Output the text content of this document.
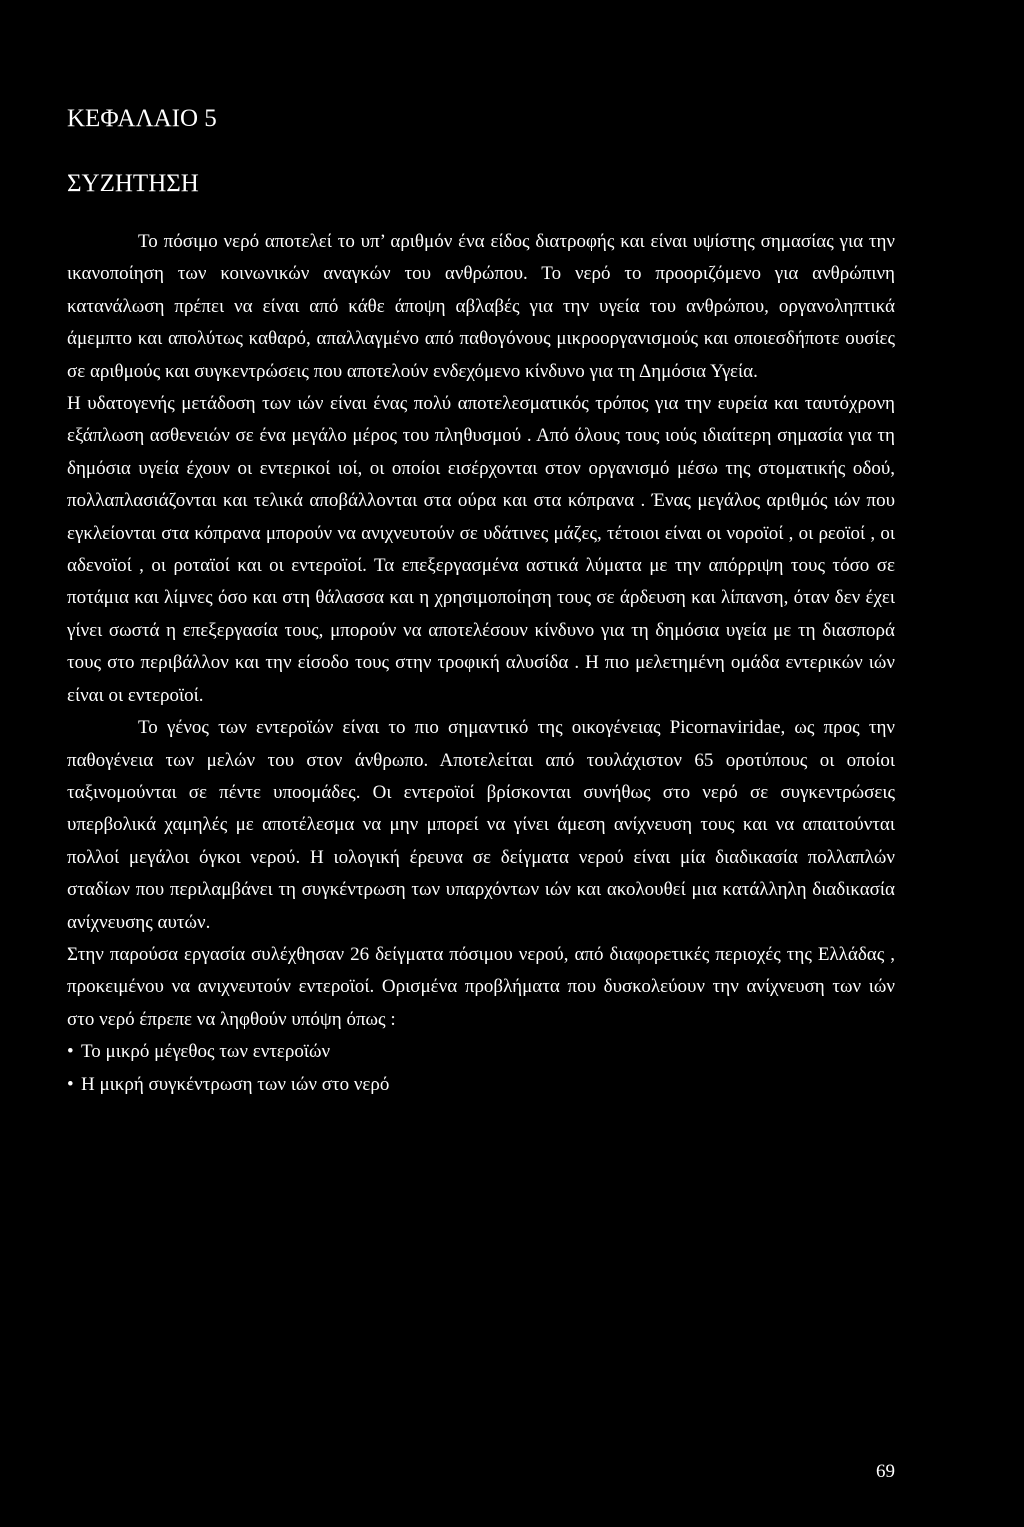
ΚΕΦΑΛΑΙΟ 5
ΣΥΖΗΤΗΣΗ

Το πόσιμο νερό αποτελεί το υπ’ αριθμόν ένα είδος διατροφής και είναι υψίστης σημασίας για την ικανοποίηση των κοινωνικών αναγκών του ανθρώπου. Το νερό το προοριζόμενο για ανθρώπινη κατανάλωση πρέπει να είναι από κάθε άποψη αβλαβές για την υγεία του ανθρώπου, οργανοληπτικά άμεμπτο και απολύτως καθαρό, απαλλαγμένο από παθογόνους μικροοργανισμούς και οποιεσδήποτε ουσίες σε αριθμούς και συγκεντρώσεις που αποτελούν ενδεχόμενο κίνδυνο για τη Δημόσια Υγεία.

Η υδατογενής μετάδοση των ιών είναι ένας πολύ αποτελεσματικός τρόπος για την ευρεία και ταυτόχρονη εξάπλωση ασθενειών σε ένα μεγάλο μέρος του πληθυσμού . Από όλους τους ιούς ιδιαίτερη σημασία για τη δημόσια υγεία έχουν οι εντερικοί ιοί, οι οποίοι εισέρχονται στον οργανισμό μέσω της στοματικής οδού, πολλαπλασιάζονται και τελικά αποβάλλονται στα ούρα και στα κόπρανα . Ένας μεγάλος αριθμός ιών που εγκλείονται στα κόπρανα μπορούν να ανιχνευτούν σε υδάτινες μάζες, τέτοιοι είναι οι νοροϊοί , οι ρεοϊοί , οι αδενοϊοί , οι ροταϊοί και οι εντεροϊοί. Τα επεξεργασμένα αστικά λύματα με την απόρριψη τους τόσο σε ποτάμια και λίμνες όσο και στη θάλασσα και η χρησιμοποίηση τους σε άρδευση και λίπανση, όταν δεν έχει γίνει σωστά η επεξεργασία τους, μπορούν να αποτελέσουν κίνδυνο για τη δημόσια υγεία με τη διασπορά τους στο περιβάλλον και την είσοδο τους στην τροφική αλυσίδα . Η πιο μελετημένη ομάδα εντερικών ιών είναι οι εντεροϊοί.

Το γένος των εντεροϊών είναι το πιο σημαντικό της οικογένειας Picornaviridae, ως προς την παθογένεια των μελών του στον άνθρωπο. Αποτελείται από τουλάχιστον 65 οροτύπους οι οποίοι ταξινομούνται σε πέντε υποομάδες. Οι εντεροϊοί βρίσκονται συνήθως στο νερό σε συγκεντρώσεις υπερβολικά χαμηλές με αποτέλεσμα να μην μπορεί να γίνει άμεση ανίχνευση τους και να απαιτούνται πολλοί μεγάλοι όγκοι νερού. Η ιολογική έρευνα σε δείγματα νερού είναι μία διαδικασία πολλαπλών σταδίων που περιλαμβάνει τη συγκέντρωση των υπαρχόντων ιών και ακολουθεί μια κατάλληλη διαδικασία ανίχνευσης αυτών.

Στην παρούσα εργασία συλέχθησαν 26 δείγματα πόσιμου νερού, από διαφορετικές περιοχές της Ελλάδας , προκειμένου να ανιχνευτούν εντεροϊοί. Ορισμένα προβλήματα που δυσκολεύουν την ανίχνευση των ιών στο νερό έπρεπε να ληφθούν υπόψη όπως :

• Το μικρό μέγεθος των εντεροϊών
• Η μικρή συγκέντρωση των ιών στο νερό
69
